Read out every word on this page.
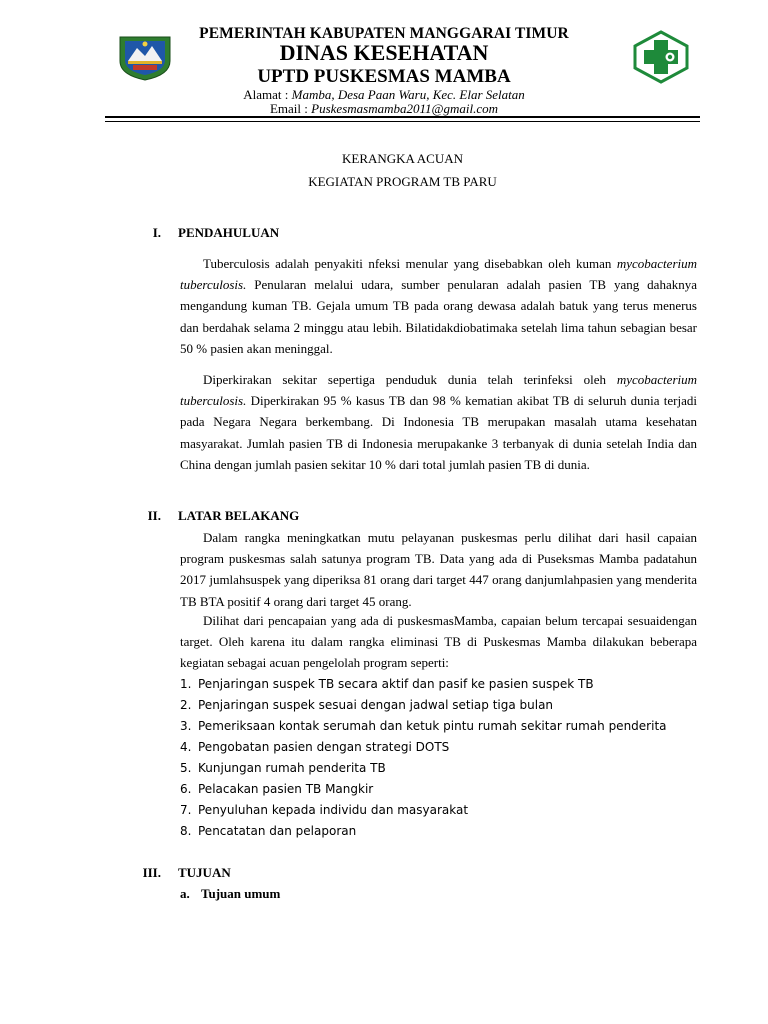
PEMERINTAH KABUPATEN MANGGARAI TIMUR
DINAS KESEHATAN
UPTD PUSKESMAS MAMBA
Alamat : Mamba, Desa Paan Waru, Kec. Elar Selatan
Email : Puskesmasmamba2011@gmail.com
KERANGKA ACUAN
KEGIATAN PROGRAM TB PARU
I. PENDAHULUAN

Tuberculosis adalah penyakiti nfeksi menular yang disebabkan oleh kuman mycobacterium tuberculosis. Penularan melalui udara, sumber penularan adalah pasien TB yang dahaknya mengandung kuman TB. Gejala umum TB pada orang dewasa adalah batuk yang terus menerus dan berdahak selama 2 minggu atau lebih. Bilatidakdiobatimaka setelah lima tahun sebagian besar 50 % pasien akan meninggal.

Diperkirakan sekitar sepertiga penduduk dunia telah terinfeksi oleh mycobacterium tuberculosis. Diperkirakan 95 % kasus TB dan 98 % kematian akibat TB di seluruh dunia terjadi pada Negara Negara berkembang. Di Indonesia TB merupakan masalah utama kesehatan masyarakat. Jumlah pasien TB di Indonesia merupakanke 3 terbanyak di dunia setelah India dan China dengan jumlah pasien sekitar 10 % dari total jumlah pasien TB di dunia.

II. LATAR BELAKANG

Dalam rangka meningkatkan mutu pelayanan puskesmas perlu dilihat dari hasil capaian program puskesmas salah satunya program TB. Data yang ada di Puseksmas Mamba padatahun 2017 jumlahsuspek yang diperiksa 81 orang dari target 447 orang danjumlahpasien yang menderita TB BTA positif 4 orang dari target 45 orang.

Dilihat dari pencapaian yang ada di puskesmasMamba, capaian belum tercapai sesuaidengan target. Oleh karena itu dalam rangka eliminasi TB di Puskesmas Mamba dilakukan beberapa kegiatan sebagai acuan pengelolah program seperti:

1. Penjaringan suspek TB secara aktif dan pasif ke pasien suspek TB
2. Penjaringan suspek sesuai dengan jadwal setiap tiga bulan
3. Pemeriksaan kontak serumah dan ketuk pintu rumah sekitar rumah penderita
4. Pengobatan pasien dengan strategi DOTS
5. Kunjungan rumah penderita TB
6. Pelacakan pasien TB Mangkir
7. Penyuluhan kepada individu dan masyarakat
8. Pencatatan dan pelaporan
III. TUJUAN
a. Tujuan umum
